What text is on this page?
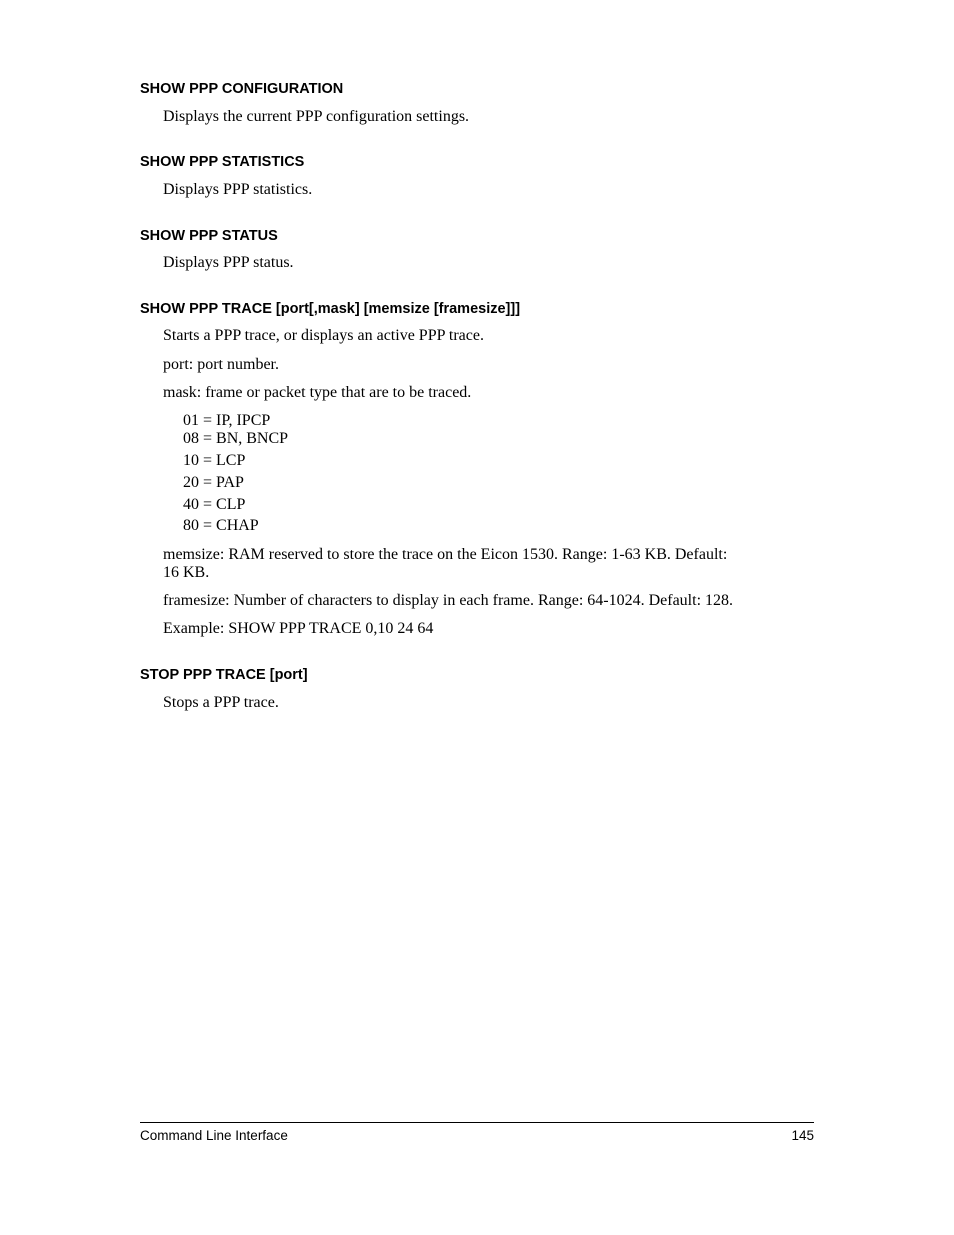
SHOW PPP CONFIGURATION

Displays the current PPP configuration settings.

SHOW PPP STATISTICS

Displays PPP statistics.

SHOW PPP STATUS

Displays PPP status.

SHOW PPP TRACE [port[,mask] [memsize [framesize]]]

Starts a PPP trace, or displays an active PPP trace.

port: port number.

mask: frame or packet type that are to be traced.

01 = IP, IPCP

08 = BN, BNCP

10 = LCP

20 = PAP

40 = CLP

80 = CHAP

memsize: RAM reserved to store the trace on the Eicon 1530. Range: 1-63 KB. Default:

16 KB.

framesize: Number of characters to display in each frame. Range: 64-1024. Default: 128.

Example: SHOW PPP TRACE 0,10 24 64

STOP PPP TRACE [port]

Stops a PPP trace.

Command Line Interface	145
